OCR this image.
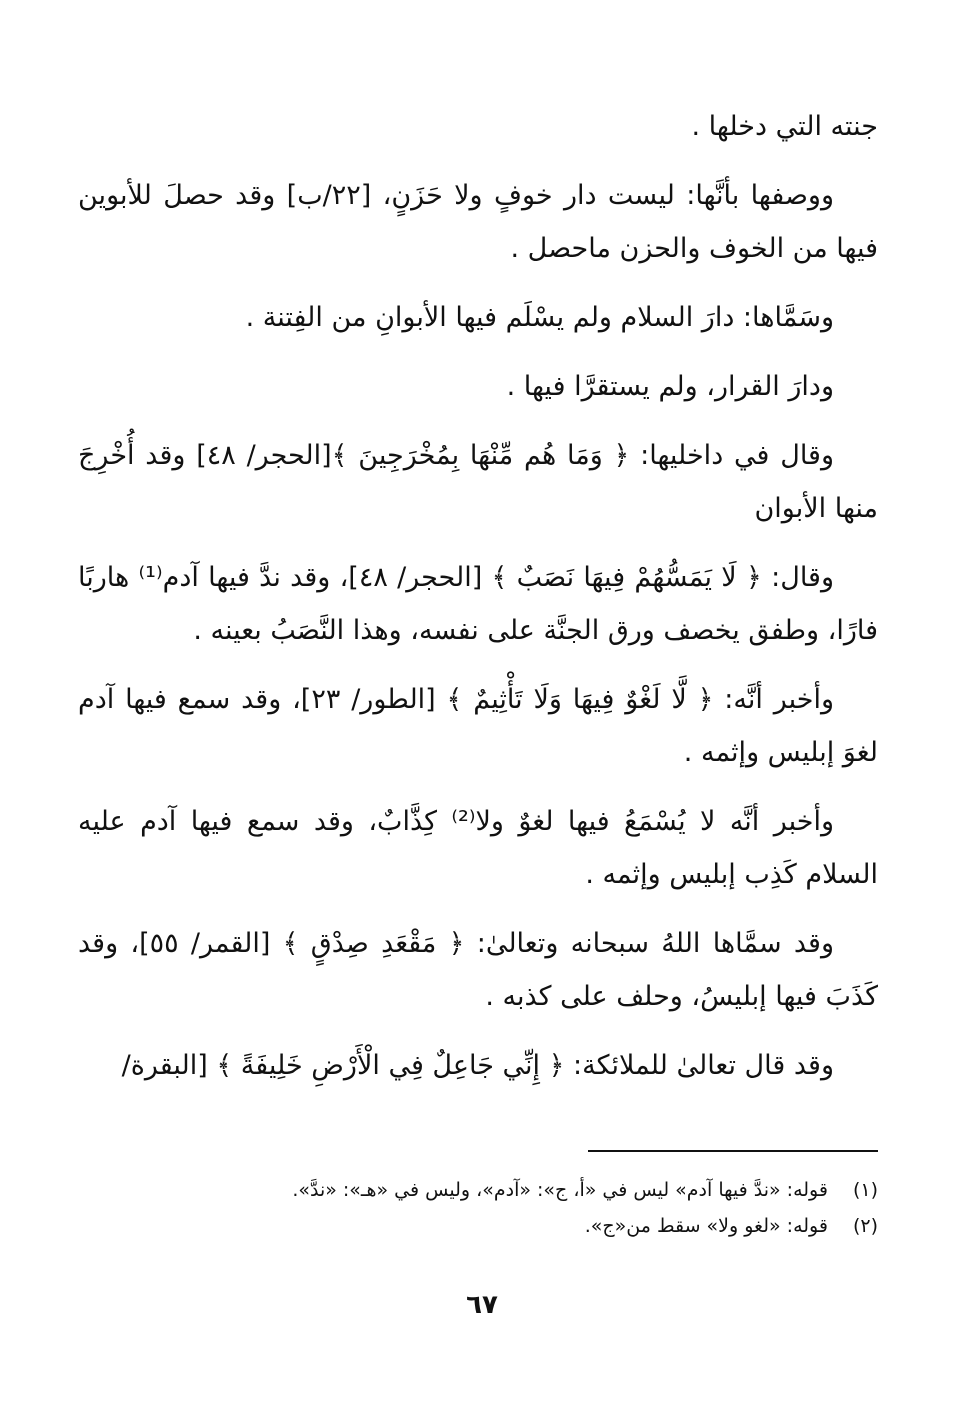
جنته التي دخلها .

ووصفها بأنَّها: ليست دار خوفٍ ولا حَزَنٍ، [٢٢/ب] وقد حصلَ للأبوين فيها من الخوف والحزن ماحصل .

وسَمَّاها: دارَ السلام ولم يسْلَم فيها الأبوانِ من الفِتنة .

ودارَ القرار، ولم يستقرَّا فيها .

وقال في داخليها: ﴿ وَمَا هُم مِّنْهَا بِمُخْرَجِينَ ﴾[الحجر/ ٤٨] وقد أُخْرِجَ منها الأبوان

وقال: ﴿ لَا يَمَسُّهُمْ فِيهَا نَصَبٌ ﴾ [الحجر/ ٤٨]، وقد ندَّ فيها آدم⁽¹⁾ هاربًا فارًا، وطفق يخصف ورق الجنَّة على نفسه، وهذا النَّصَبُ بعينه .

وأخبر أنَّه: ﴿ لَّا لَغْوٌ فِيهَا وَلَا تَأْثِيمٌ ﴾ [الطور/ ٢٣]، وقد سمع فيها آدم لغوَ إبليس وإثمه .

وأخبر أنَّه لا يُسْمَعُ فيها لغوٌ ولا⁽²⁾ كِذَّابٌ، وقد سمع فيها آدم عليه السلام كَذِب إبليس وإثمه .

وقد سمَّاها اللهُ سبحانه وتعالىٰ: ﴿ مَقْعَدِ صِدْقٍ ﴾ [القمر/ ٥٥]، وقد كَذَبَ فيها إبليسُ، وحلف على كذبه .

وقد قال تعالىٰ للملائكة: ﴿ إِنِّي جَاعِلٌ فِي الْأَرْضِ خَلِيفَةً ﴾ [البقرة/

(١) قوله: «ندَّ فيها آدم» ليس في «أ، ج»: «آدم»، وليس في «هـ»: «ندَّ».

(٢) قوله: «لغو ولا» سقط من«ج».

٦٧
